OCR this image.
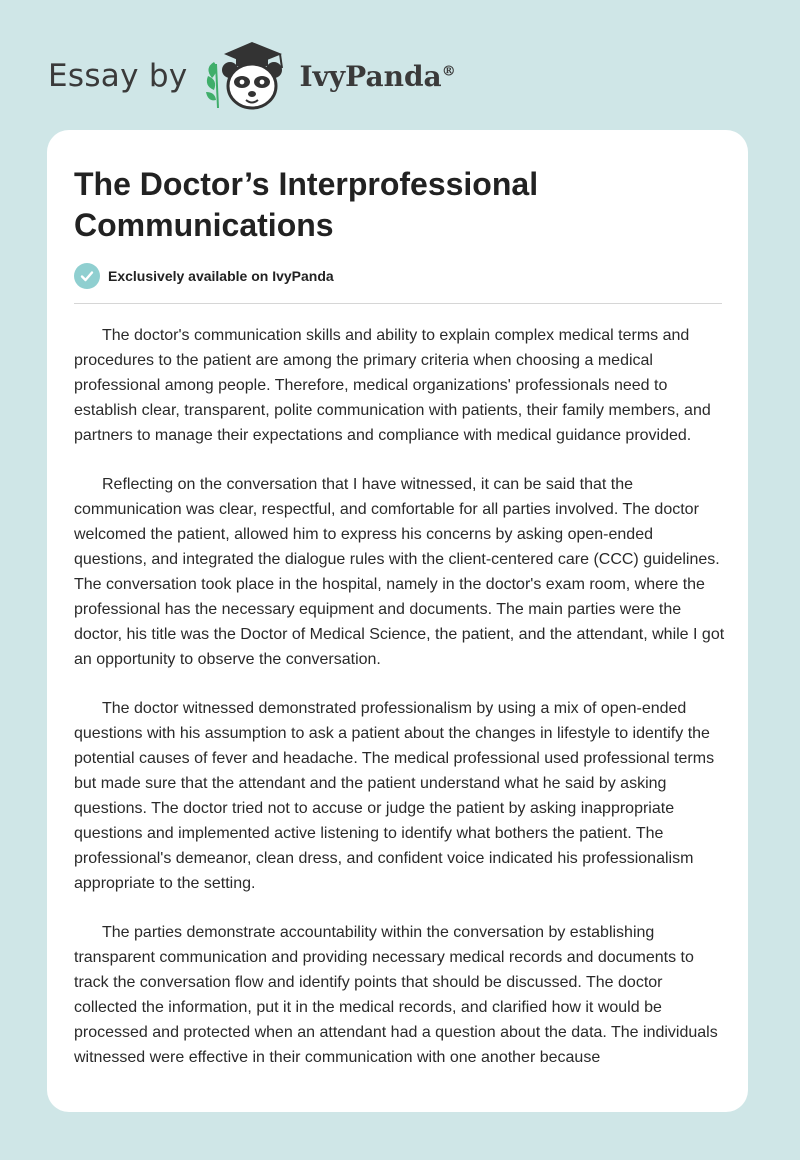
Essay by	IvyPanda®
The Doctor’s Interprofessional Communications
Exclusively available on IvyPanda

The doctor's communication skills and ability to explain complex medical terms and procedures to the patient are among the primary criteria when choosing a medical professional among people. Therefore, medical organizations' professionals need to establish clear, transparent, polite communication with patients, their family members, and partners to manage their expectations and compliance with medical guidance provided.

Reflecting on the conversation that I have witnessed, it can be said that the communication was clear, respectful, and comfortable for all parties involved. The doctor welcomed the patient, allowed him to express his concerns by asking open-ended questions, and integrated the dialogue rules with the client-centered care (CCC) guidelines. The conversation took place in the hospital, namely in the doctor's exam room, where the professional has the necessary equipment and documents. The main parties were the doctor, his title was the Doctor of Medical Science, the patient, and the attendant, while I got an opportunity to observe the conversation.

The doctor witnessed demonstrated professionalism by using a mix of open-ended questions with his assumption to ask a patient about the changes in lifestyle to identify the potential causes of fever and headache. The medical professional used professional terms but made sure that the attendant and the patient understand what he said by asking questions. The doctor tried not to accuse or judge the patient by asking inappropriate questions and implemented active listening to identify what bothers the patient. The professional's demeanor, clean dress, and confident voice indicated his professionalism appropriate to the setting.

The parties demonstrate accountability within the conversation by establishing transparent communication and providing necessary medical records and documents to track the conversation flow and identify points that should be discussed. The doctor collected the information, put it in the medical records, and clarified how it would be processed and protected when an attendant had a question about the data. The individuals witnessed were effective in their communication with one another because
